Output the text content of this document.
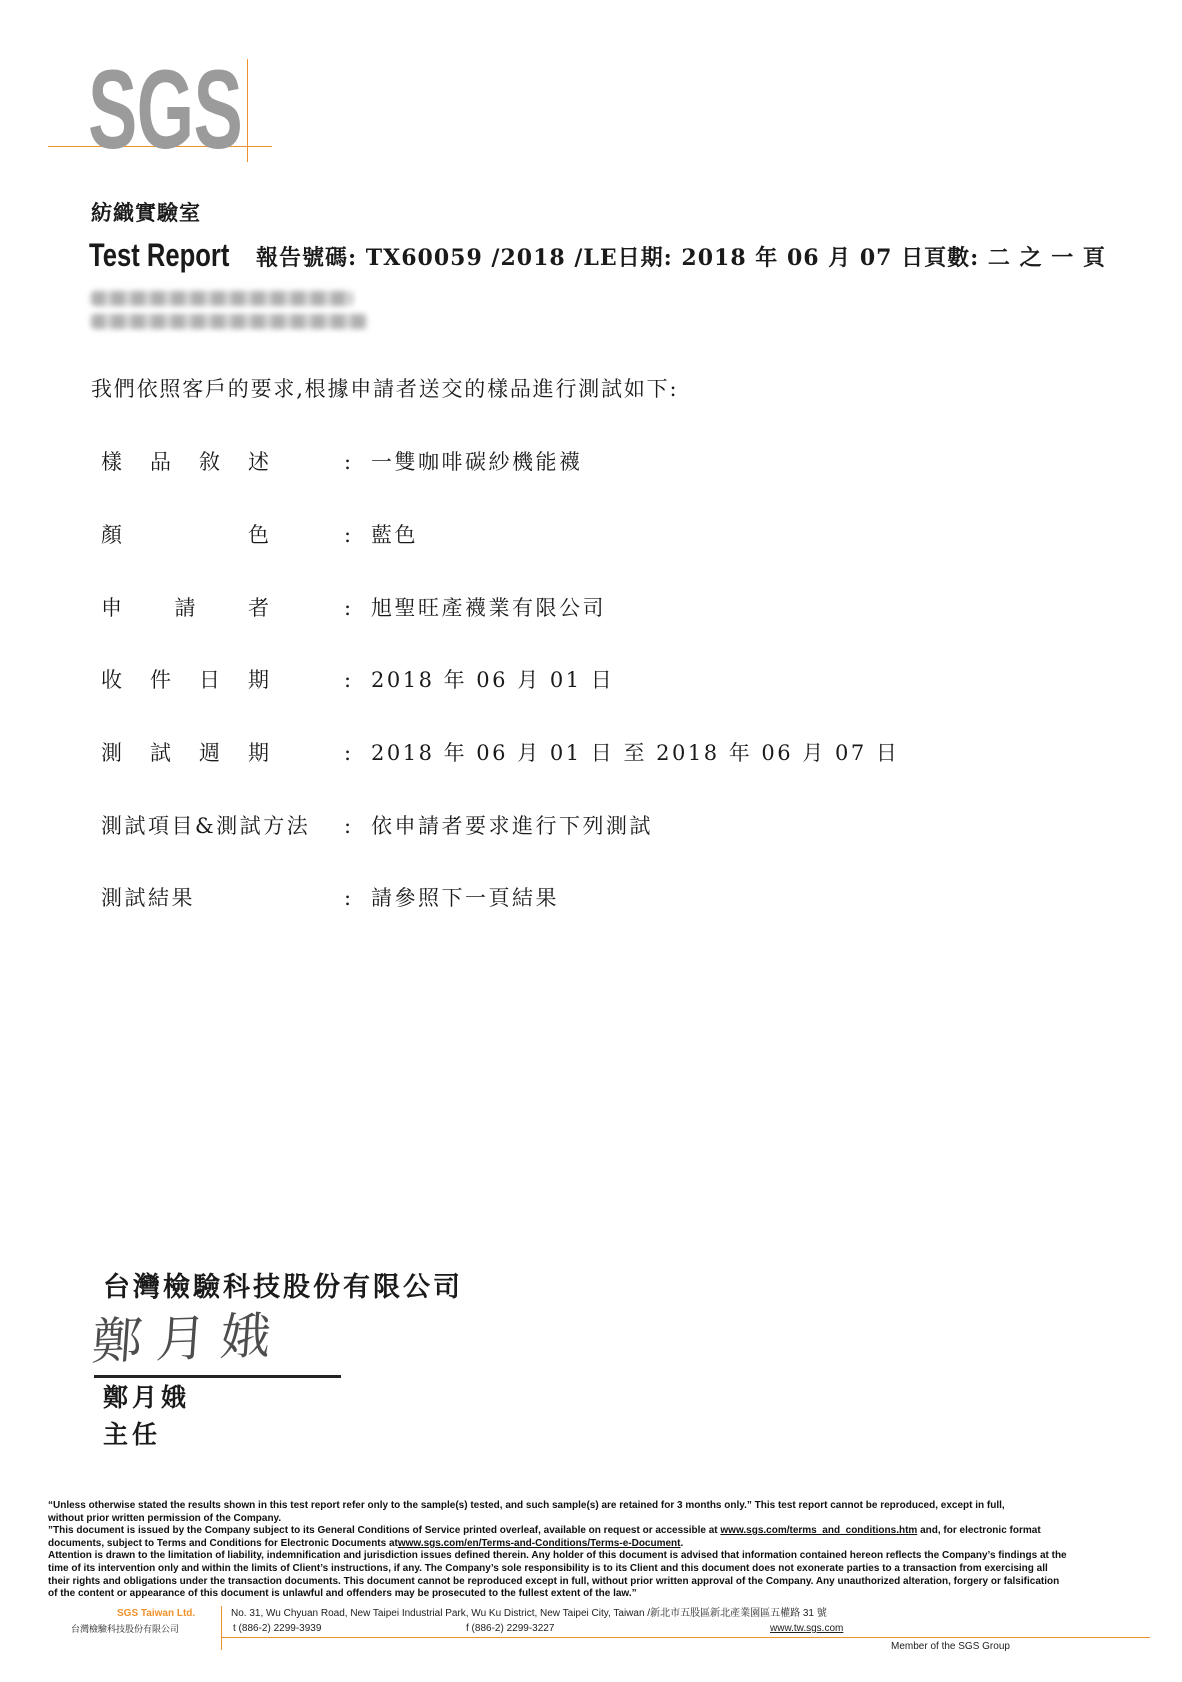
SGS
紡織實驗室
Test Report 報告號碼: TX60059 /2018 /LE日期: 2018 年 06 月 07 日頁數: 二 之 一 頁
我們依照客戶的要求,根據申請者送交的樣品進行測試如下:
樣 品 敘 述	: 一雙咖啡碳紗機能襪
顏 色	: 藍色
申 請 者	: 旭聖旺產襪業有限公司
收 件 日 期	: 2018 年 06 月 01 日
測 試 週 期	: 2018 年 06 月 01 日 至 2018 年 06 月 07 日
測試項目&測試方法 : 依申請者要求進行下列測試
測試結果	: 請參照下一頁結果
台灣檢驗科技股份有限公司
鄭月娥
鄭月娥
主任
“Unless otherwise stated the results shown in this test report refer only to the sample(s) tested, and such sample(s) are retained for 3 months only.” This test report cannot be reproduced, except in full,
without prior written permission of the Company.
”This document is issued by the Company subject to its General Conditions of Service printed overleaf, available on request or accessible at www.sgs.com/terms_and_conditions.htm and, for electronic format
documents, subject to Terms and Conditions for Electronic Documents atwww.sgs.com/en/Terms-and-Conditions/Terms-e-Document.
Attention is drawn to the limitation of liability, indemnification and jurisdiction issues defined therein. Any holder of this document is advised that information contained hereon reflects the Company’s findings at the
time of its intervention only and within the limits of Client’s instructions, if any. The Company’s sole responsibility is to its Client and this document does not exonerate parties to a transaction from exercising all
their rights and obligations under the transaction documents. This document cannot be reproduced except in full, without prior written approval of the Company. Any unauthorized alteration, forgery or falsification
of the content or appearance of this document is unlawful and offenders may be prosecuted to the fullest extent of the law.”
SGS Taiwan Ltd.
台灣檢驗科技股份有限公司
No. 31, Wu Chyuan Road, New Taipei Industrial Park, Wu Ku District, New Taipei City, Taiwan /新北市五股區新北產業園區五權路 31 號
t (886-2) 2299-3939	f (886-2) 2299-3227	www.tw.sgs.com
Member of the SGS Group
